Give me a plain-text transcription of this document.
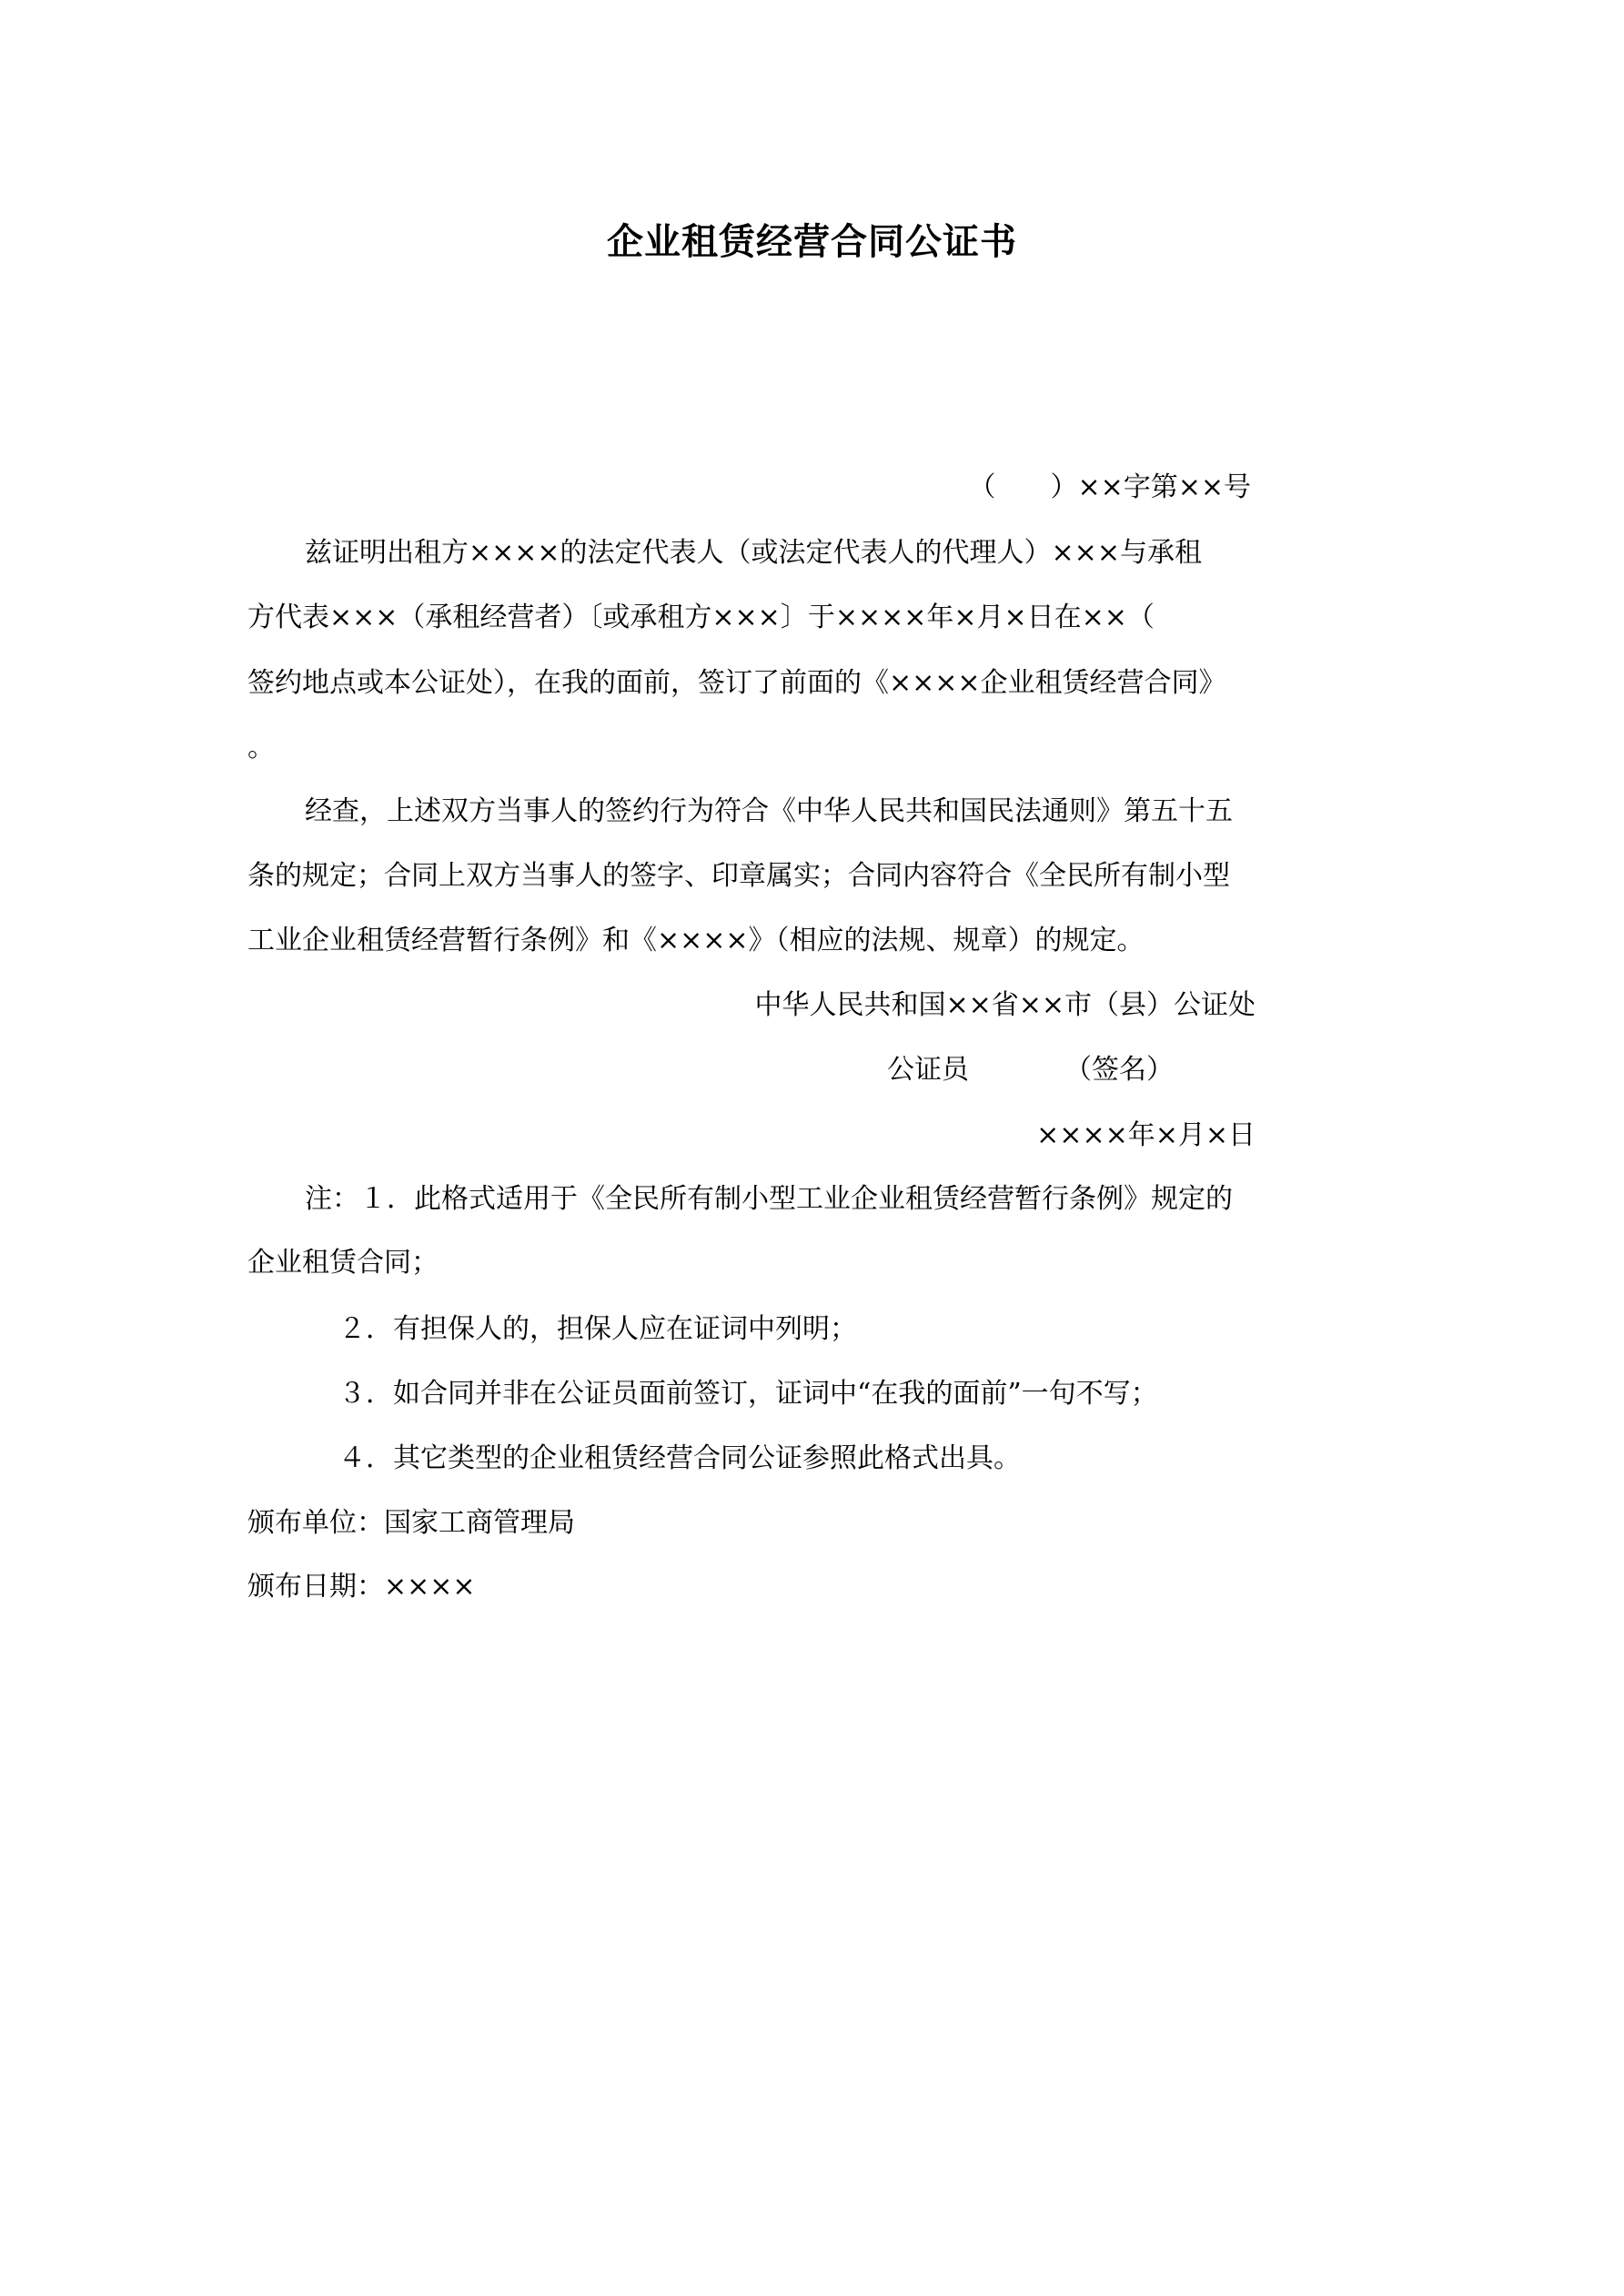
企业租赁经营合同公证书
（　　）××字第××号
兹证明出租方××××的法定代表人（或法定代表人的代理人）×××与承租
方代表×××（承租经营者）〔或承租方×××〕于××××年×月×日在××（
签约地点或本公证处），在我的面前，签订了前面的《××××企业租赁经营合同》
。
经查，上述双方当事人的签约行为符合《中华人民共和国民法通则》第五十五
条的规定；合同上双方当事人的签字、印章属实；合同内容符合《全民所有制小型
工业企业租赁经营暂行条例》和《××××》（相应的法规、规章）的规定。
中华人民共和国××省××市（县）公证处
公证员　　　　（签名）
××××年×月×日
注：１．此格式适用于《全民所有制小型工业企业租赁经营暂行条例》规定的
企业租赁合同；
２．有担保人的，担保人应在证词中列明；
３．如合同并非在公证员面前签订，证词中“在我的面前”一句不写；
４．其它类型的企业租赁经营合同公证参照此格式出具。
颁布单位：国家工商管理局
颁布日期：××××
